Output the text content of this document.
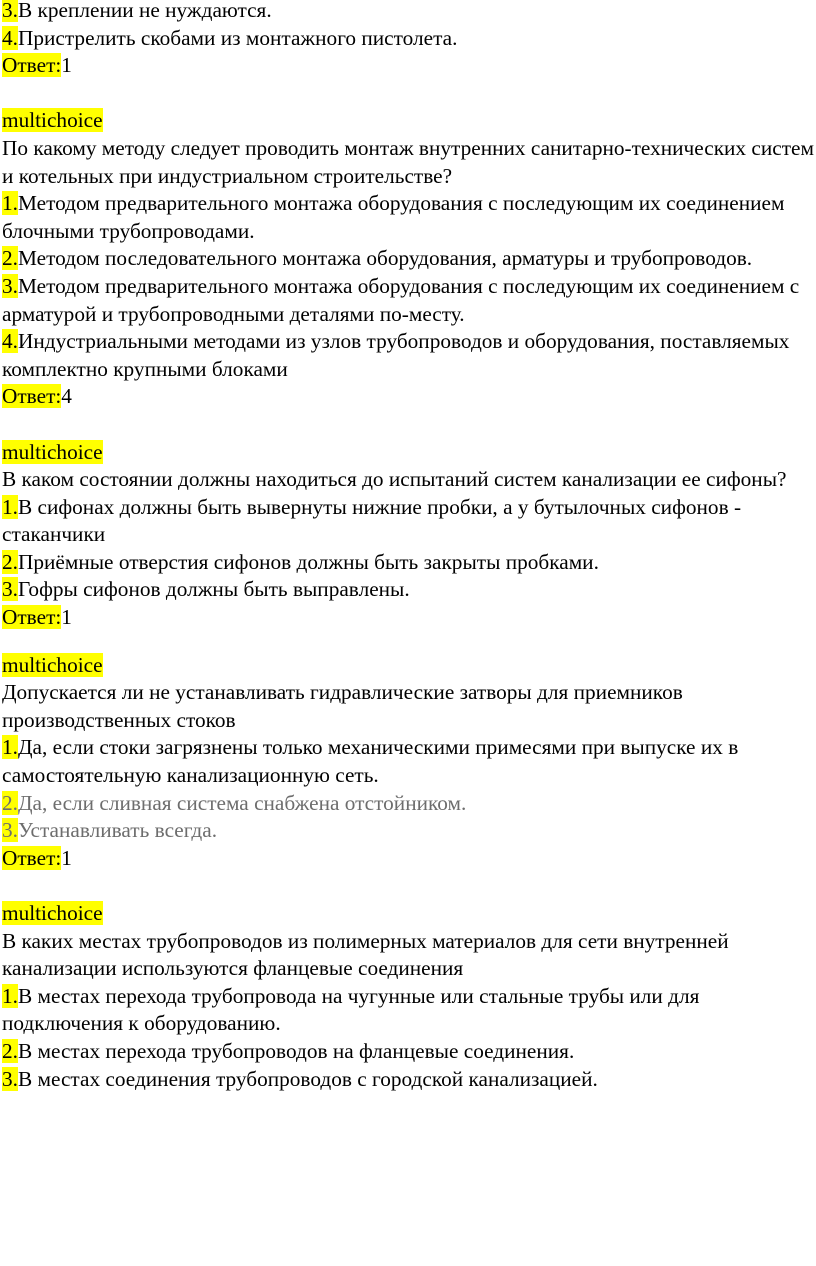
3.В креплении не нуждаются.

4.Пристрелить скобами из монтажного пистолета.

Ответ:1

multichoice

По какому методу следует проводить монтаж внутренних санитарно-технических систем и котельных при индустриальном строительстве?

1.Методом предварительного монтажа оборудования с последующим их соединением блочными трубопроводами.

2.Методом последовательного монтажа оборудования, арматуры и трубопроводов.

3.Методом предварительного монтажа оборудования с последующим их соединением с арматурой и трубопроводными деталями по-месту.

4.Индустриальными методами из узлов трубопроводов и оборудования, поставляемых комплектно крупными блоками

Ответ:4

multichoice

В каком состоянии должны находиться до испытаний систем канализации ее сифоны?

1.В сифонах должны быть вывернуты нижние пробки, а у бутылочных сифонов - стаканчики

2.Приёмные отверстия сифонов должны быть закрыты пробками.

3.Гофры сифонов должны быть выправлены.

Ответ:1

multichoice

Допускается ли не устанавливать гидравлические затворы для приемников производственных стоков

1.Да, если стоки загрязнены только механическими примесями при выпуске их в самостоятельную канализационную сеть.

2.Да, если сливная система снабжена отстойником.

3.Устанавливать всегда.

Ответ:1

multichoice

В каких местах трубопроводов из полимерных материалов для сети внутренней канализации используются фланцевые соединения

1.В местах перехода трубопровода на чугунные или стальные трубы или для подключения к оборудованию.

2.В местах перехода трубопроводов на фланцевые соединения.

3.В местах соединения трубопроводов с городской канализацией.
